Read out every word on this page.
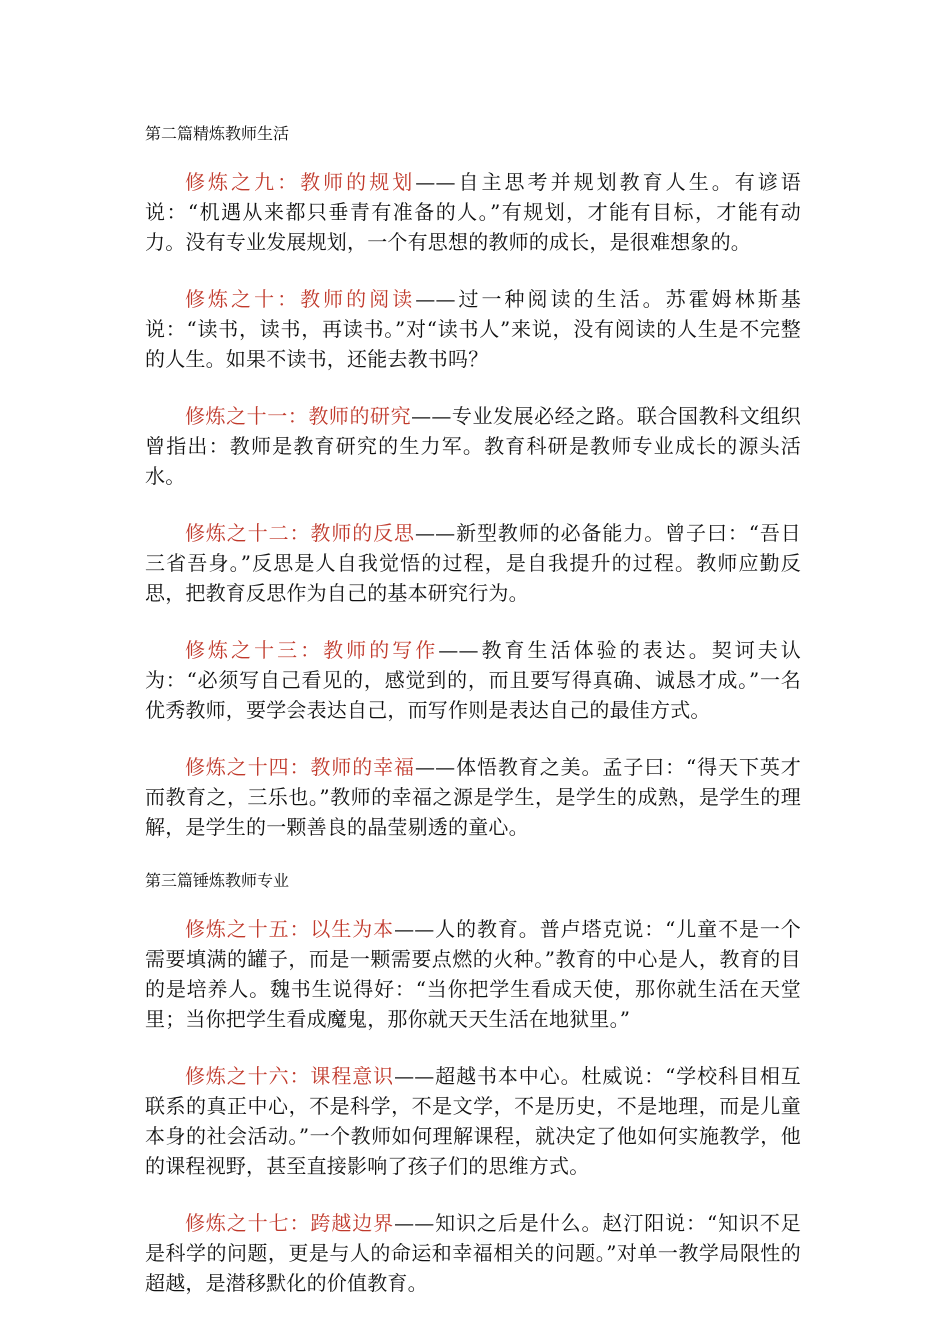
第二篇精炼教师生活

修炼之九：教师的规划——自主思考并规划教育人生。有谚语说：“机遇从来都只垂青有准备的人。”有规划，才能有目标，才能有动力。没有专业发展规划，一个有思想的教师的成长，是很难想象的。

修炼之十：教师的阅读——过一种阅读的生活。苏霍姆林斯基说：“读书，读书，再读书。”对“读书人”来说，没有阅读的人生是不完整的人生。如果不读书，还能去教书吗？

修炼之十一：教师的研究——专业发展必经之路。联合国教科文组织曾指出：教师是教育研究的生力军。教育科研是教师专业成长的源头活水。

修炼之十二：教师的反思——新型教师的必备能力。曾子曰：“吾日三省吾身。”反思是人自我觉悟的过程，是自我提升的过程。教师应勤反思，把教育反思作为自己的基本研究行为。

修炼之十三：教师的写作——教育生活体验的表达。契诃夫认为：“必须写自己看见的，感觉到的，而且要写得真确、诚恳才成。”一名优秀教师，要学会表达自己，而写作则是表达自己的最佳方式。

修炼之十四：教师的幸福——体悟教育之美。孟子曰：“得天下英才而教育之，三乐也。”教师的幸福之源是学生，是学生的成熟，是学生的理解，是学生的一颗善良的晶莹剔透的童心。

第三篇锤炼教师专业

修炼之十五：以生为本——人的教育。普卢塔克说：“儿童不是一个需要填满的罐子，而是一颗需要点燃的火种。”教育的中心是人，教育的目的是培养人。魏书生说得好：“当你把学生看成天使，那你就生活在天堂里；当你把学生看成魔鬼，那你就天天生活在地狱里。”

修炼之十六：课程意识——超越书本中心。杜威说：“学校科目相互联系的真正中心，不是科学，不是文学，不是历史，不是地理，而是儿童本身的社会活动。”一个教师如何理解课程，就决定了他如何实施教学，他的课程视野，甚至直接影响了孩子们的思维方式。

修炼之十七：跨越边界——知识之后是什么。赵汀阳说：“知识不足是科学的问题，更是与人的命运和幸福相关的问题。”对单一教学局限性的超越，是潜移默化的价值教育。
